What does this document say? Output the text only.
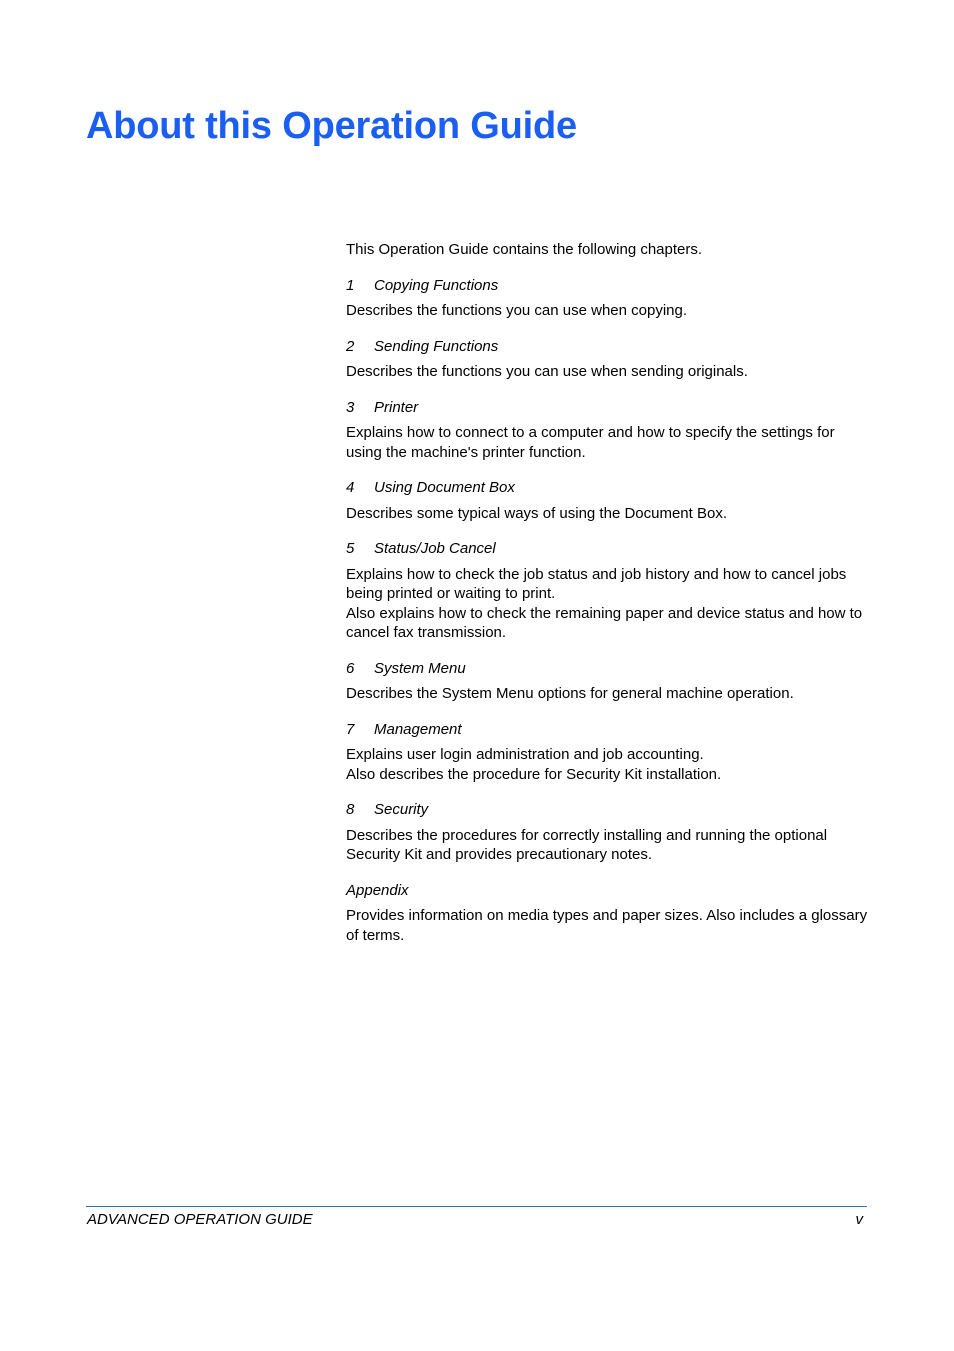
About this Operation Guide

This Operation Guide contains the following chapters.

1 Copying Functions

Describes the functions you can use when copying.

2 Sending Functions

Describes the functions you can use when sending originals.

3 Printer

Explains how to connect to a computer and how to specify the settings for using the machine's printer function.

4 Using Document Box

Describes some typical ways of using the Document Box.

5 Status/Job Cancel

Explains how to check the job status and job history and how to cancel jobs being printed or waiting to print.

Also explains how to check the remaining paper and device status and how to cancel fax transmission.

6 System Menu

Describes the System Menu options for general machine operation.

7 Management

Explains user login administration and job accounting.

Also describes the procedure for Security Kit installation.

8 Security

Describes the procedures for correctly installing and running the optional Security Kit and provides precautionary notes.

Appendix

Provides information on media types and paper sizes. Also includes a glossary of terms.

ADVANCED OPERATION GUIDE	v
